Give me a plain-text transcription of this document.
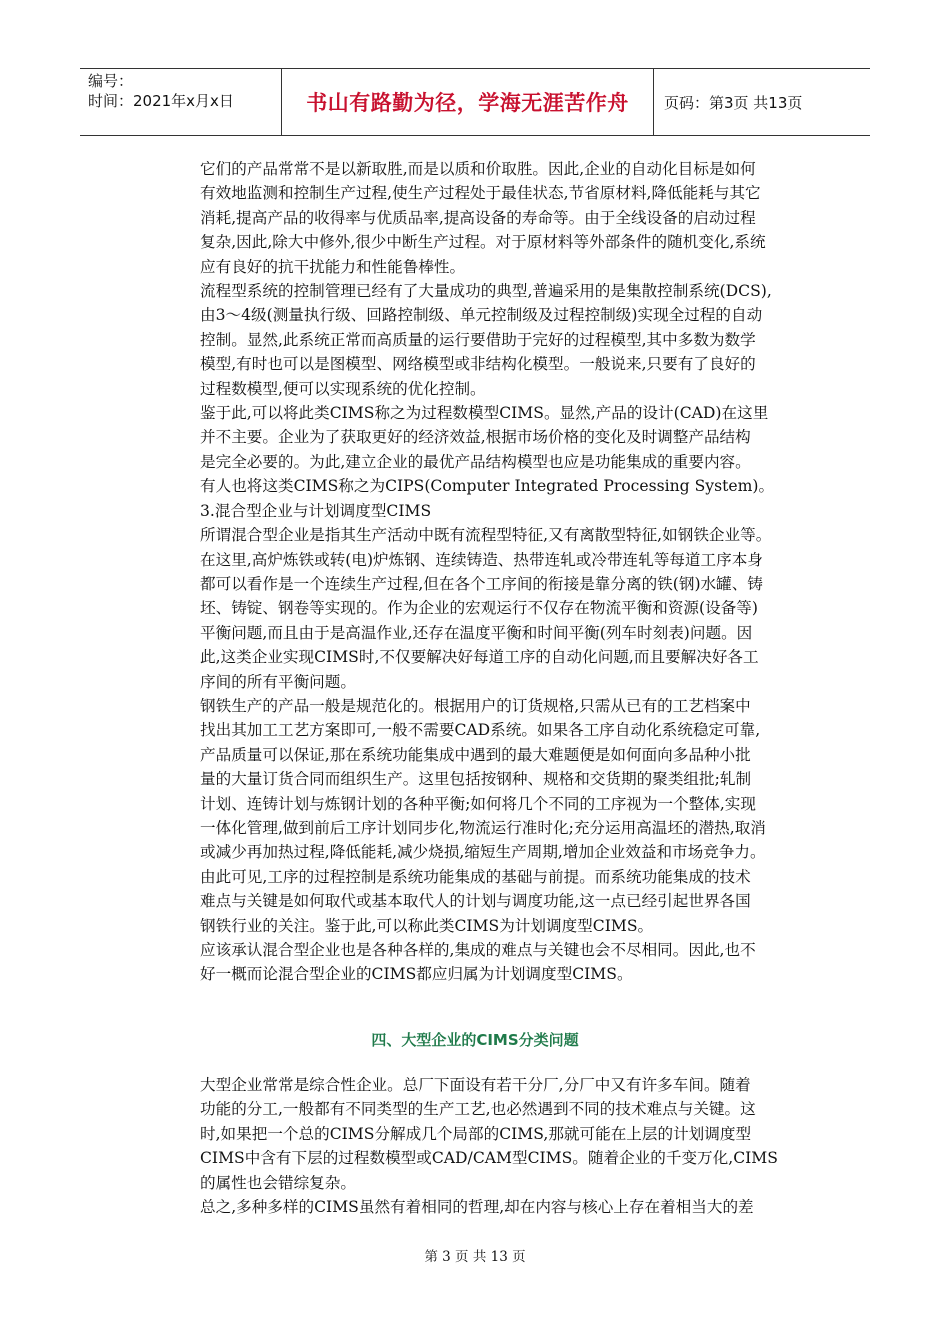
编号：
时间：2021年x月x日	书山有路勤为径，学海无涯苦作舟	页码：第3页 共13页

它们的产品常常不是以新取胜,而是以质和价取胜。因此,企业的自动化目标是如何

有效地监测和控制生产过程,使生产过程处于最佳状态,节省原材料,降低能耗与其它

消耗,提高产品的收得率与优质品率,提高设备的寿命等。由于全线设备的启动过程

复杂,因此,除大中修外,很少中断生产过程。对于原材料等外部条件的随机变化,系统

应有良好的抗干扰能力和性能鲁棒性。

流程型系统的控制管理已经有了大量成功的典型,普遍采用的是集散控制系统(DCS),

由3～4级(测量执行级、回路控制级、单元控制级及过程控制级)实现全过程的自动

控制。显然,此系统正常而高质量的运行要借助于完好的过程模型,其中多数为数学

模型,有时也可以是图模型、网络模型或非结构化模型。一般说来,只要有了良好的

过程数模型,便可以实现系统的优化控制。

鉴于此,可以将此类CIMS称之为过程数模型CIMS。显然,产品的设计(CAD)在这里

并不主要。企业为了获取更好的经济效益,根据市场价格的变化及时调整产品结构

是完全必要的。为此,建立企业的最优产品结构模型也应是功能集成的重要内容。

有人也将这类CIMS称之为CIPS(Computer Integrated Processing System)。

3.混合型企业与计划调度型CIMS

所谓混合型企业是指其生产活动中既有流程型特征,又有离散型特征,如钢铁企业等。

在这里,高炉炼铁或转(电)炉炼钢、连续铸造、热带连轧或冷带连轧等每道工序本身

都可以看作是一个连续生产过程,但在各个工序间的衔接是靠分离的铁(钢)水罐、铸

坯、铸锭、钢卷等实现的。作为企业的宏观运行不仅存在物流平衡和资源(设备等)

平衡问题,而且由于是高温作业,还存在温度平衡和时间平衡(列车时刻表)问题。因

此,这类企业实现CIMS时,不仅要解决好每道工序的自动化问题,而且要解决好各工

序间的所有平衡问题。

钢铁生产的产品一般是规范化的。根据用户的订货规格,只需从已有的工艺档案中

找出其加工工艺方案即可,一般不需要CAD系统。如果各工序自动化系统稳定可靠,

产品质量可以保证,那在系统功能集成中遇到的最大难题便是如何面向多品种小批

量的大量订货合同而组织生产。这里包括按钢种、规格和交货期的聚类组批;轧制

计划、连铸计划与炼钢计划的各种平衡;如何将几个不同的工序视为一个整体,实现

一体化管理,做到前后工序计划同步化,物流运行准时化;充分运用高温坯的潜热,取消

或减少再加热过程,降低能耗,减少烧损,缩短生产周期,增加企业效益和市场竞争力。

由此可见,工序的过程控制是系统功能集成的基础与前提。而系统功能集成的技术

难点与关键是如何取代或基本取代人的计划与调度功能,这一点已经引起世界各国

钢铁行业的关注。鉴于此,可以称此类CIMS为计划调度型CIMS。

应该承认混合型企业也是各种各样的,集成的难点与关键也会不尽相同。因此,也不

好一概而论混合型企业的CIMS都应归属为计划调度型CIMS。

四、大型企业的CIMS分类问题

大型企业常常是综合性企业。总厂下面设有若干分厂,分厂中又有许多车间。随着

功能的分工,一般都有不同类型的生产工艺,也必然遇到不同的技术难点与关键。这

时,如果把一个总的CIMS分解成几个局部的CIMS,那就可能在上层的计划调度型

CIMS中含有下层的过程数模型或CAD/CAM型CIMS。随着企业的千变万化,CIMS

的属性也会错综复杂。

总之,多种多样的CIMS虽然有着相同的哲理,却在内容与核心上存在着相当大的差

第 3 页 共 13 页
